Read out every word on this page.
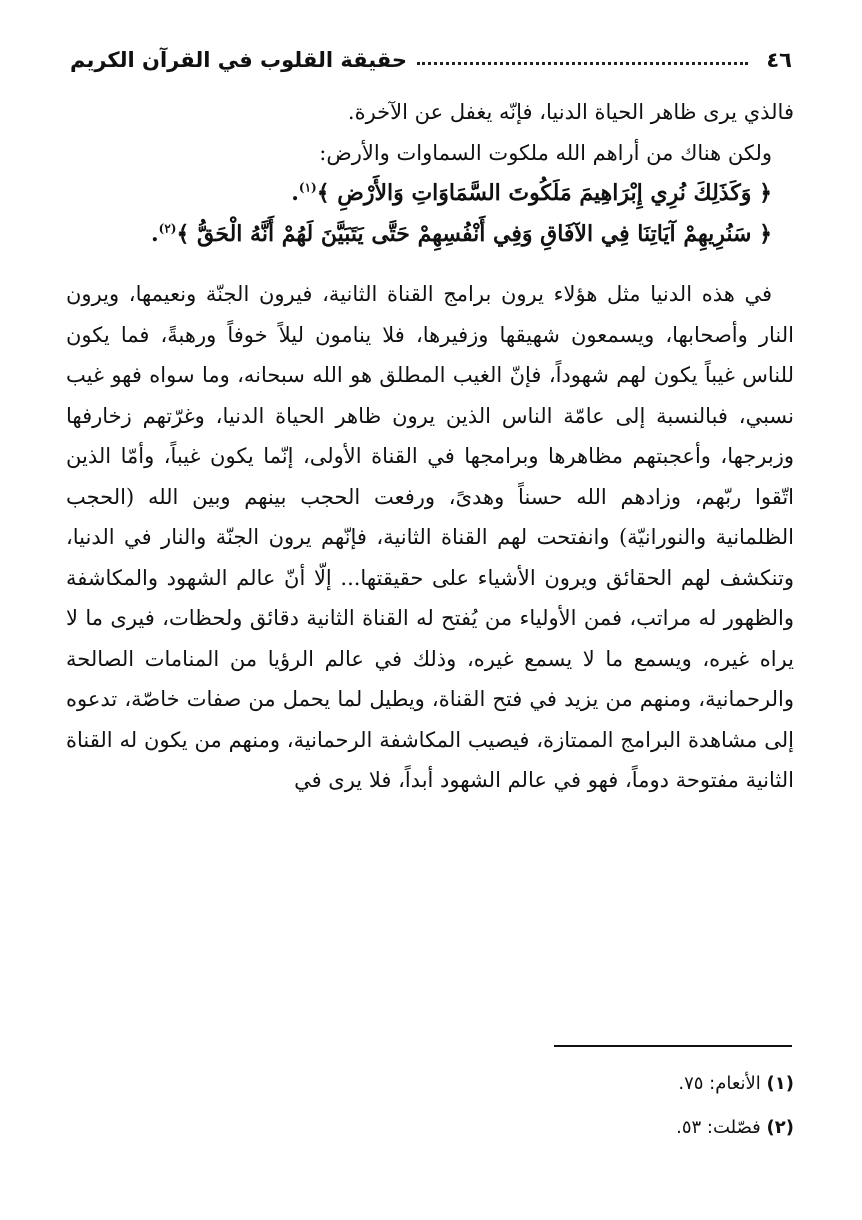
٤٦
حقيقة القلوب في القرآن الكريم

فالذي يرى ظاهر الحياة الدنيا، فإنّه يغفل عن الآخرة.

ولكن هناك من أراهم الله ملكوت السماوات والأرض:

﴿ وَكَذَلِكَ نُرِي إِبْرَاهِيمَ مَلَكُوتَ السَّمَاوَاتِ وَالأَرْضِ ﴾$^{(١)}$.

﴿ سَنُرِيهِمْ آيَاتِنَا فِي الآفَاقِ وَفِي أَنْفُسِهِمْ حَتَّى يَتَبَيَّنَ لَهُمْ أَنَّهُ الْحَقُّ ﴾$^{(٢)}$.

في هذه الدنيا مثل هؤلاء يرون برامج القناة الثانية، فيرون الجنّة ونعيمها، ويرون النار وأصحابها، ويسمعون شهيقها وزفيرها، فلا ينامون ليلاً خوفاً ورهبةً، فما يكون للناس غيباً يكون لهم شهوداً، فإنّ الغيب المطلق هو الله سبحانه، وما سواه فهو غيب نسبي، فبالنسبة إلى عامّة الناس الذين يرون ظاهر الحياة الدنيا، وغرّتهم زخارفها وزبرجها، وأعجبتهم مظاهرها وبرامجها في القناة الأولى، إنّما يكون غيباً، وأمّا الذين اتّقوا ربّهم، وزادهم الله حسناً وهدىً، ورفعت الحجب بينهم وبين الله (الحجب الظلمانية والنورانيّة) وانفتحت لهم القناة الثانية، فإنّهم يرون الجنّة والنار في الدنيا، وتنكشف لهم الحقائق ويرون الأشياء على حقيقتها... إلّا أنّ عالم الشهود والمكاشفة والظهور له مراتب، فمن الأولياء من يُفتح له القناة الثانية دقائق ولحظات، فيرى ما لا يراه غيره، ويسمع ما لا يسمع غيره، وذلك في عالم الرؤيا من المنامات الصالحة والرحمانية، ومنهم من يزيد في فتح القناة، ويطيل لما يحمل من صفات خاصّة، تدعوه إلى مشاهدة البرامج الممتازة، فيصيب المكاشفة الرحمانية، ومنهم من يكون له القناة الثانية مفتوحة دوماً، فهو في عالم الشهود أبداً، فلا يرى في

(١) الأنعام: ٧٥.
(٢) فصّلت: ٥٣.
